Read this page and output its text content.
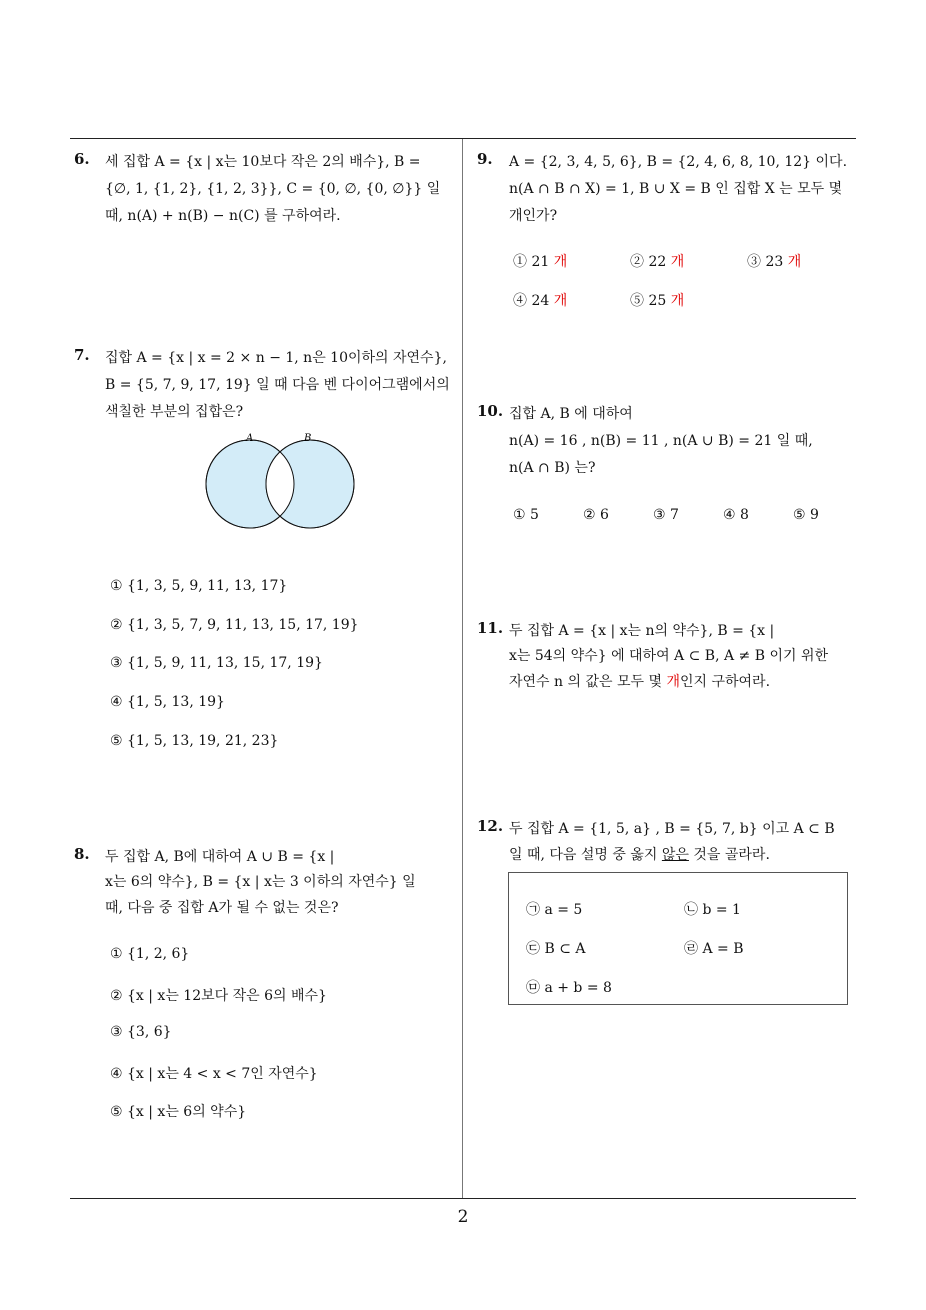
6. 세 집합 A = {x | x는 10보다 작은 2의 배수}, B =
{∅, 1, {1, 2}, {1, 2, 3}}, C = {0, ∅, {0, ∅}} 일
때, n(A) + n(B) − n(C) 를 구하여라.
7. 집합 A = {x | x = 2 × n − 1, n은 10이하의 자연수},
B = {5, 7, 9, 17, 19} 일 때 다음 벤 다이어그램에서의
색칠한 부분의 집합은?
A	B
① {1, 3, 5, 9, 11, 13, 17}
② {1, 3, 5, 7, 9, 11, 13, 15, 17, 19}
③ {1, 5, 9, 11, 13, 15, 17, 19}
④ {1, 5, 13, 19}
⑤ {1, 5, 13, 19, 21, 23}
8. 두 집합 A, B에 대하여 A ∪ B = {x |
x는 6의 약수}, B = {x | x는 3 이하의 자연수} 일
때, 다음 중 집합 A가 될 수 없는 것은?
① {1, 2, 6}
② {x | x는 12보다 작은 6의 배수}
③ {3, 6}
④ {x | x는 4 < x < 7인 자연수}
⑤ {x | x는 6의 약수}
9. A = {2, 3, 4, 5, 6}, B = {2, 4, 6, 8, 10, 12} 이다.
n(A ∩ B ∩ X) = 1, B ∪ X = B 인 집합 X 는 모두 몇
개인가?
① 21 개	② 22 개	③ 23 개
④ 24 개	⑤ 25 개
10. 집합 A, B 에 대하여
n(A) = 16 , n(B) = 11 , n(A ∪ B) = 21 일 때,
n(A ∩ B) 는?
① 5	② 6	③ 7	④ 8	⑤ 9
11. 두 집합 A = {x | x는 n의 약수}, B = {x |
x는 54의 약수} 에 대하여 A ⊂ B, A ≠ B 이기 위한
자연수 n 의 값은 모두 몇 개인지 구하여라.
12. 두 집합 A = {1, 5, a} , B = {5, 7, b} 이고 A ⊂ B
일 때, 다음 설명 중 옳지 않은 것을 골라라.
㉠ a = 5	㉡ b = 1
㉢ B ⊂ A	㉣ A = B
㉤ a + b = 8
2
